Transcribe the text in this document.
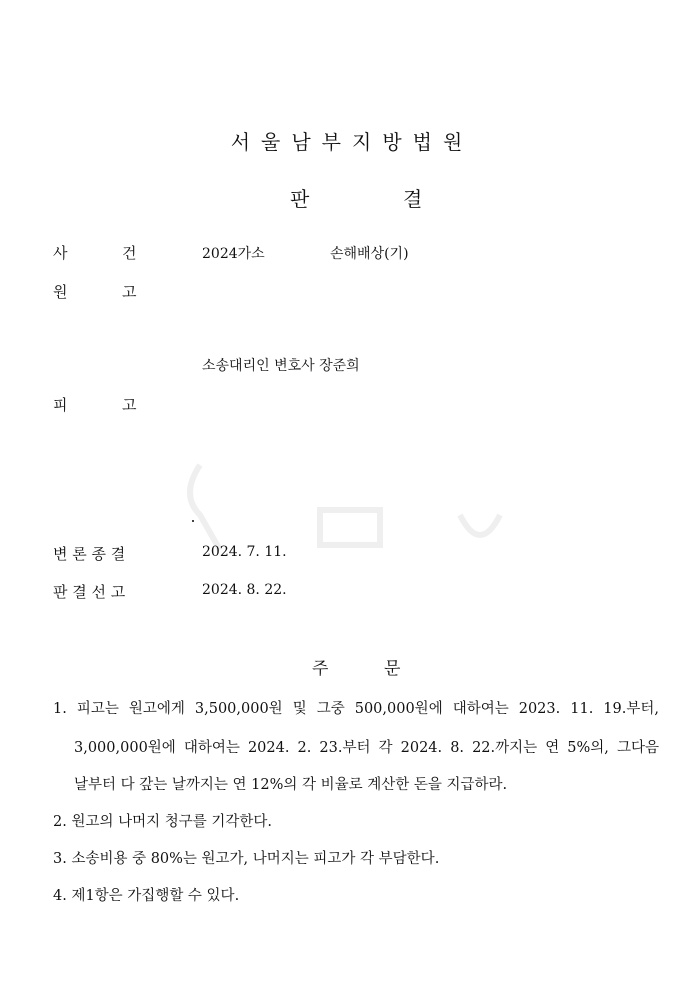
서울남부지방법원
판	결
사	건	2024가소	손해배상(기)
원	고
소송대리인 변호사 장준희
피	고
변 론 종 결	2024. 7. 11.
판 결 선 고	2024. 8. 22.
주	문
1. 피고는 원고에게 3,500,000원 및 그중 500,000원에 대하여는 2023. 11. 19.부터,
3,000,000원에 대하여는 2024. 2. 23.부터 각 2024. 8. 22.까지는 연 5%의, 그다음
날부터 다 갚는 날까지는 연 12%의 각 비율로 계산한 돈을 지급하라.
2. 원고의 나머지 청구를 기각한다.
3. 소송비용 중 80%는 원고가, 나머지는 피고가 각 부담한다.
4. 제1항은 가집행할 수 있다.
